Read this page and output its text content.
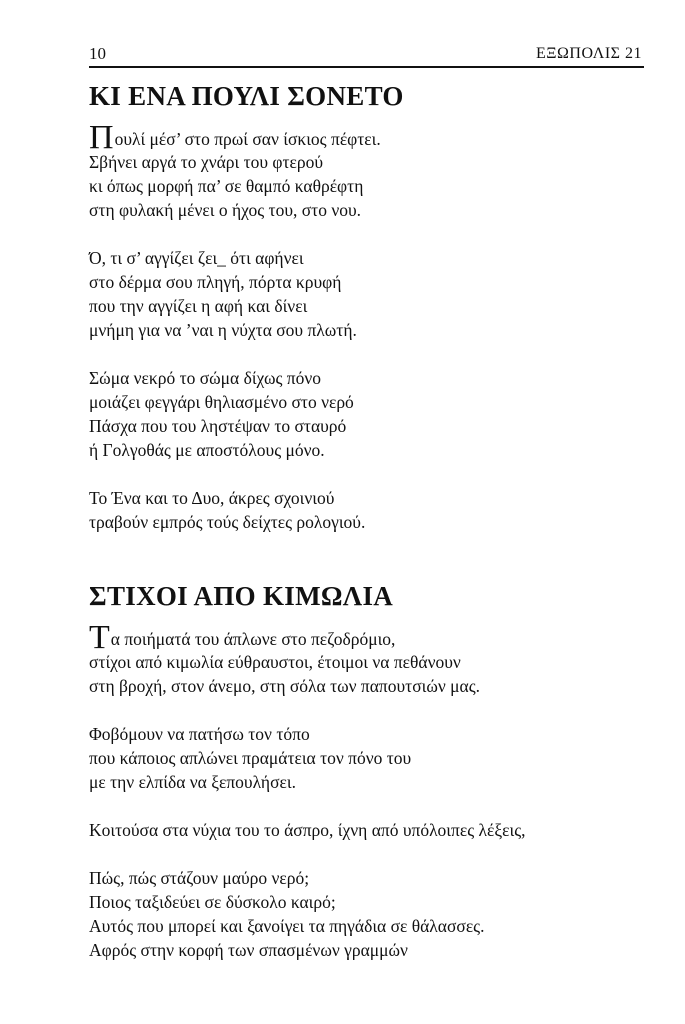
10	ΕΞΩΠΟΛΙΣ 21
ΚΙ ΕΝΑ ΠΟΥΛΙ ΣΟΝΕΤΟ
Πουλί μέσ’ στο πρωί σαν ίσκιος πέφτει.
Σβήνει αργά το χνάρι του φτερού
κι όπως μορφή πα’ σε θαμπό καθρέφτη
στη φυλακή μένει ο ήχος του, στο νου.
Ό, τι σ’ αγγίζει ζει_ ότι αφήνει
στο δέρμα σου πληγή, πόρτα κρυφή
που την αγγίζει η αφή και δίνει
μνήμη για να ’ναι η νύχτα σου πλωτή.
Σώμα νεκρό το σώμα δίχως πόνο
μοιάζει φεγγάρι θηλιασμένο στο νερό
Πάσχα που του ληστέψαν το σταυρό
ή Γολγοθάς με αποστόλους μόνο.
Το Ένα και το Δυο, άκρες σχοινιού
τραβούν εμπρός τούς δείχτες ρολογιού.
ΣΤΙΧΟΙ ΑΠΟ ΚΙΜΩΛΙΑ
Τα ποιήματά του άπλωνε στο πεζοδρόμιο,
στίχοι από κιμωλία εύθραυστοι, έτοιμοι να πεθάνουν
στη βροχή, στον άνεμο, στη σόλα των παπουτσιών μας.
Φοβόμουν να πατήσω τον τόπο
που κάποιος απλώνει πραμάτεια τον πόνο του
με την ελπίδα να ξεπουλήσει.
Κοιτούσα στα νύχια του το άσπρο, ίχνη από υπόλοιπες λέξεις,
Πώς, πώς στάζουν μαύρο νερό;
Ποιος ταξιδεύει σε δύσκολο καιρό;
Αυτός που μπορεί και ξανοίγει τα πηγάδια σε θάλασσες.
Αφρός στην κορφή των σπασμένων γραμμών
